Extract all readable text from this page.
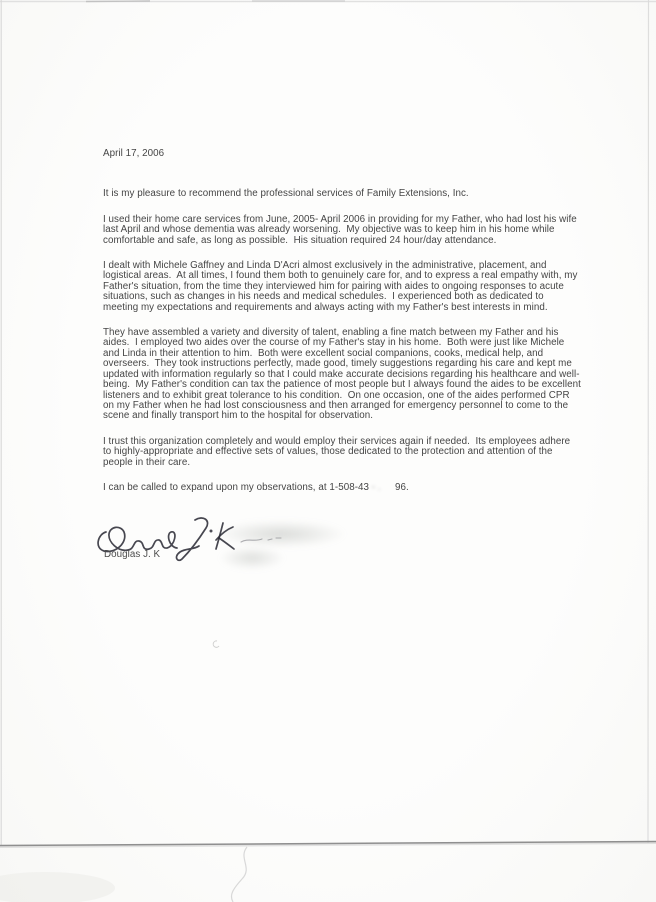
April 17, 2006

It is my pleasure to recommend the professional services of Family Extensions, Inc.

I used their home care services from June, 2005- April 2006 in providing for my Father, who had lost his wife last April and whose dementia was already worsening.  My objective was to keep him in his home while comfortable and safe, as long as possible.  His situation required 24 hour/day attendance.

I dealt with Michele Gaffney and Linda D'Acri almost exclusively in the administrative, placement, and logistical areas.  At all times, I found them both to genuinely care for, and to express a real empathy with, my Father's situation, from the time they interviewed him for pairing with aides to ongoing responses to acute situations, such as changes in his needs and medical schedules.  I experienced both as dedicated to meeting my expectations and requirements and always acting with my Father's best interests in mind.

They have assembled a variety and diversity of talent, enabling a fine match between my Father and his aides.  I employed two aides over the course of my Father's stay in his home.  Both were just like Michele and Linda in their attention to him.  Both were excellent social companions, cooks, medical help, and overseers.  They took instructions perfectly, made good, timely suggestions regarding his care and kept me updated with information regularly so that I could make accurate decisions regarding his healthcare and well-being.  My Father's condition can tax the patience of most people but I always found the aides to be excellent listeners and to exhibit great tolerance to his condition.  On one occasion, one of the aides performed CPR on my Father when he had lost consciousness and then arranged for emergency personnel to come to the scene and finally transport him to the hospital for observation.

I trust this organization completely and would employ their services again if needed.  Its employees adhere to highly-appropriate and effective sets of values, those dedicated to the protection and attention of the people in their care.

I can be called to expand upon my observations, at 1-508-43 - . 96.

Douglas J. K
